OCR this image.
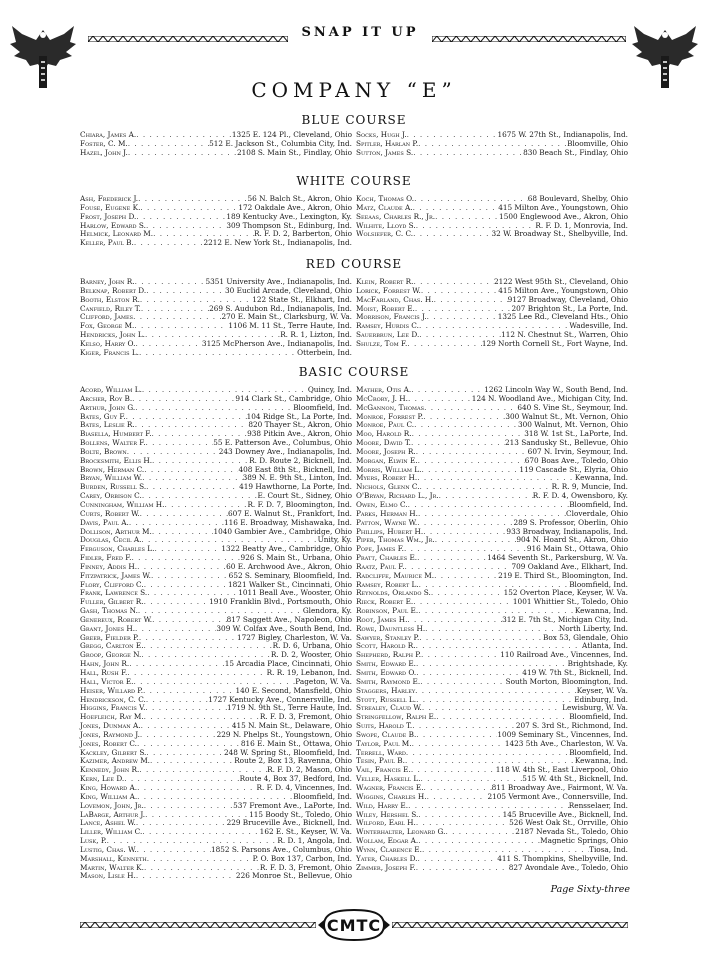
SNAP IT UP
COMPANY “E”
BLUE COURSE
Chiara, James A. . . .	1325 E. 124 Pl., Cleveland, Ohio
Foster, C. M. . . .	512 E. Jackson St., Columbia City, Ind.
Hazel, John J. . . .	2108 S. Main St., Findlay, Ohio
Socks, Hugh J. . . .	1675 W. 27th St., Indianapolis, Ind.
Spitler, Harlan P. . . .	Bloomville, Ohio
Sutton, James S. . . .	830 Beach St., Findlay, Ohio
WHITE COURSE
Ash, Frederick J. . . .	56 N. Balch St., Akron, Ohio
Fouse, Eugene K. . . .	172 Oakdale Ave., Akron, Ohio
Frost, Joseph D. . . .	189 Kentucky Ave., Lexington, Ky.
Harlow, Edward S. . . .	309 Thompson St., Edinburg, Ind.
Helmick, Leonard M. . . .	R. F. D. 2, Barberton, Ohio
Keller, Paul B. . . .	2212 E. New York St., Indianapolis, Ind.
Koch, Thomas O. . . .	68 Boulevard, Shelby, Ohio
Matz, Claude A. . . .	415 Milton Ave., Youngstown, Ohio
Seeaas, Charles R., Jr. . . .	1500 Englewood Ave., Akron, Ohio
Wilhite, Lloyd S. . . .	R. F. D. 1, Monrovia, Ind.
Wolsiefer, C. C. . . .	32 W. Broadway St., Shelbyville, Ind.
RED COURSE
Barney, John R. . . .	5351 University Ave., Indianapolis, Ind.
Belknap, Robert D. . . .	30 Euclid Arcade, Cleveland, Ohio
Booth, Elston R. . . .	122 State St., Elkhart, Ind.
Canfield, Riley T. . . .	269 S. Audubon Rd., Indianapolis, Ind.
Clifford, James . . .	270 E. Main St., Clarksburg, W. Va.
Fox, George M. . . .	1106 M. 11 St., Terre Haute, Ind.
Hendricks, John L. . . .	R. R. 1, Lizton, Ind.
Kelso, Harry O. . . .	3125 McPherson Ave., Indianapolis, Ind.
Kiger, Francis L. . . .	Otterbein, Ind.
Klein, Robert R. . . .	2122 West 95th St., Cleveland, Ohio
Lorick, Forrest W. . . .	415 Milton Ave., Youngstown, Ohio
MacFarland, Chas. H. . . .	9127 Broadway, Cleveland, Ohio
Moist, Robert E. . . .	207 Brighton St., La Porte, Ind.
Morrison, Francis J. . . .	1325 Lee Rd., Cleveland Hts., Ohio
Ramsey, Hurdis C. . . .	Wadesville, Ind.
Sauerbrun, Lee D. . . .	112 N. Chestnut St., Warren, Ohio
Shulze, Tom F. . . .	129 North Cornell St., Fort Wayne, Ind.
BASIC COURSE
Acord, William L. . . .	Quincy, Ind.
Archer, Roy B. . . .	914 Clark St., Cambridge, Ohio
Arthur, John G. . . .	Bloomfield, Ind.
Bates, Guy F. . . .	104 Ridge St., La Porte, Ind.
Bates, Leslie R. . . .	820 Thayer St., Akron, Ohio
Biasella, Humbert F. . . .	938 Pitkin Ave., Akron, Ohio
Bollens, Walter F. . . .	55 E. Patterson Ave., Columbus, Ohio
Bolte, Brown . . .	243 Downey Ave., Indianapolis, Ind.
Brocksmith, Ellis H. . . .	R. D. Route 2, Bicknell, Ind.
Brown, Herman C. . . .	408 East 8th St., Bicknell, Ind.
Bryan, William W. . . .	389 N. E. 9th St., Linton, Ind.
Burden, Russell S. . . .	419 Hawthorne, La Porte, Ind.
Carey, Orbison C. . . .	E. Court St., Sidney, Ohio
Cunningham, William H. . . .	R. F. D. 7, Bloomington, Ind.
Curts, Robert W. . . .	607 E. Walnut St., Frankfort, Ind.
Davis, Paul A. . . .	116 E. Broadway, Mishawaka, Ind.
Dollison, Arthur M. . . .	1040 Gambier Ave., Cambridge, Ohio
Douglas, Cecil A. . . .	Unity, Ky.
Ferguson, Charles L. . . .	1322 Beatty Ave., Cambridge, Ohio
Fidler, Fred F. . . .	926 S. Main St., Urbana, Ohio
Finney, Addis H. . . .	60 E. Archwood Ave., Akron, Ohio
Fitzpatrick, James W. . . .	652 S. Seminary, Bloomfield, Ind.
Flory, Clifford C. . . .	1821 Walker St., Cincinnati, Ohio
Frank, Lawrence S. . . .	1011 Beall Ave., Wooster, Ohio
Fuller, Gilbert R. . . .	1910 Franklin Blvd., Portsmouth, Ohio
Gash, Thomas N. . . .	Glendora, Ky.
Genereux, Robert W. . . .	817 Saggett Ave., Napoleon, Ohio
Grant, Jones H. . . .	309 W. Colfax Ave., South Bend, Ind.
Greer, Fielder P. . . .	1727 Bigley, Charleston, W. Va.
Gregg, Carlton E. . . .	R. D. 6, Urbana, Ohio
Groop, George N. . . .	R. D. 2, Wooster, Ohio
Hahn, John R. . . .	15 Arcadia Place, Cincinnati, Ohio
Hall, Rush F. . . .	R. R. 19, Lebanon, Ind.
Hall, Victor E. . . .	Pageton, W. Va.
Heiser, Willard P. . . .	140 E. Second, Mansfield, Ohio
Hendrickson, C. C. . . .	1727 Kentucky Ave., Connersville, Ind.
Higgins, Francis V. . . .	1719 N. 9th St., Terre Haute, Ind.
Hoefleich, Ray M. . . .	R. F. D. 3, Fremont, Ohio
Jones, Dunman A. . . .	415 N. Main St., Delaware, Ohio
Jones, Raymond J. . . .	229 N. Phelps St., Youngstown, Ohio
Jones, Robert C. . . .	816 E. Main St., Ottawa, Ohio
Kackley, Gilbert S. . . .	248 W. Spring St., Bloomfield, Ind.
Kazimer, Andrew M. . . .	Route 2, Box 13, Ravenna, Ohio
Kennedy, John R. . . .	R. F. D. 2, Mason, Ohio
Kern, Lee D. . . .	Route 4, Box 37, Bedford, Ind.
King, Howard A. . . .	R. F. D. 4, Vincennes, Ind.
King, William A. . . .	Bloomfield, Ind.
Lovemon, John, Jr. . . .	537 Fremont Ave., LaPorte, Ind.
LaBarge, Arthur J. . . .	115 Boody St., Toledo, Ohio
Lance, Ashel W. . . .	229 Bruceville Ave., Bicknell, Ind.
Liller, William C. . . .	162 E. St., Keyser, W. Va.
Lusk, P. . . .	R. D. 1, Angola, Ind.
Lustig, Chas. W. . . .	1852 S. Parsons Ave., Columbus, Ohio
Marshall, Kenneth . . .	P. O. Box 137, Carbon, Ind.
Martin, Walter K. . . .	R. F. D. 3, Fremont, Ohio
Mason, Lisle H. . . .	226 Monroe St., Bellevue, Ohio
Mather, Otis A. . . .	1262 Lincoln Way W., South Bend, Ind.
McCrory, J. H. . . .	124 N. Woodland Ave., Michigan City, Ind.
McGannon, Thomas . . .	640 S. Vine St., Seymour, Ind.
Monroe, Forrest P. . . .	300 Walnut St., Mt. Vernon, Ohio
Monroe, Paul C. . . .	300 Walnut, Mt. Vernon, Ohio
Moo, Harold R. . . .	318 W. 1st St., LaPorte, Ind.
Moore, David T. . . .	213 Sandusky St., Bellevue, Ohio
Moore, Joseph R. . . .	607 N. Irvin, Seymour, Ind.
Morgan, Elwin E. . . .	670 Boas Ave., Toledo, Ohio
Morris, William L. . . .	119 Cascade St., Elyria, Ohio
Myers, Robert H. . . .	Kewanna, Ind.
Nichols, Glenn C. . . .	R. R. 9, Muncie, Ind.
O'Bryan, Richard L., Jr. . . .	R. F. D. 4, Owensboro, Ky.
Owen, Elmo C. . . .	Bloomfield, Ind.
Parks, Herman H. . . .	Cloverdale, Ohio
Patton, Wayne W. . . .	289 S. Professor, Oberlin, Ohio
Phillips, Hubert H. . . .	933 Broadway, Indianapolis, Ind.
Piper, Thomas Wm., Jr. . . .	904 N. Hoard St., Akron, Ohio
Pope, James F. . . .	916 Main St., Ottawa, Ohio
Pratt, Charles E. . . .	1464 Seventh St., Parkersburg, W. Va.
Raatz, Paul F. . . .	709 Oakland Ave., Elkhart, Ind.
Radcliffe, Maurice M. . . .	219 E. Third St., Bloomington, Ind.
Ramsey, Robert L. . . .	Bloomfield, Ind.
Reynolds, Orlando S. . . .	152 Overton Place, Keyser, W. Va.
Rieck, Robert E. . . .	1001 Whittier St., Toledo, Ohio
Robinson, Paul E. . . .	Kewanna, Ind.
Root, James H. . . .	312 E. 7th St., Michigan City, Ind.
Rowe, Dauntless H. . . .	North Liberty, Ind.
Sawyer, Stanley P. . . .	Box 53, Glendale, Ohio
Scott, Harold R. . . .	Atlanta, Ind.
Shepherd, Ralph P. . . .	110 Railroad Ave., Vincennes, Ind.
Smith, Edward E. . . .	Brightshade, Ky.
Smith, Edward O. . . .	419 W. 7th St., Bicknell, Ind.
Smith, Raymond E. . . .	South Morton, Bloomington, Ind.
Staggers, Harley . . .	Keyser, W. Va.
Stott, Russell L. . . .	Edinburg, Ind.
Strealey, Claud W. . . .	Lewisburg, W. Va.
Stringfellow, Ralph E. . . .	Bloomfield, Ind.
Suits, Harold T. . . .	207 S. 3rd St., Richmond, Ind.
Swope, Claude B. . . .	1009 Seminary St., Vincennes, Ind.
Taylor, Paul M. . . .	1423 5th Ave., Charleston, W. Va.
Terrell, Ward . . .	Bloomfield, Ind.
Tesin, Paul B. . . .	Kewanna, Ind.
Vail, Francis E. . . .	118 W. 4th St., East Liverpool, Ohio
Veller, Haskell L. . . .	515 W. 4th St., Bicknell, Ind.
Wagner, Francis E. . . .	811 Broadway Ave., Fairmont, W. Va.
Wiggins, Charles H. . . .	2105 Vermont Ave., Connersville, Ind.
Wild, Harry E. . . .	Rensselaer, Ind.
Wiley, Hershel S. . . .	145 Bruceville Ave., Bicknell, Ind.
Wilford, Earl H. . . .	526 West Oak St., Orrville, Ohio
Winterhalter, Leonard G. . . .	2187 Nevada St., Toledo, Ohio
Wollam, Edgar A. . . .	Magnetic Springs, Ohio
Wynn, Clarence E. . . .	Tiosa, Ind.
Yater, Charles D. . . .	411 S. Thompkins, Shelbyville, Ind.
Zimmer, Joseph F. . . .	827 Avondale Ave., Toledo, Ohio
Page Sixty-three
CMTC
